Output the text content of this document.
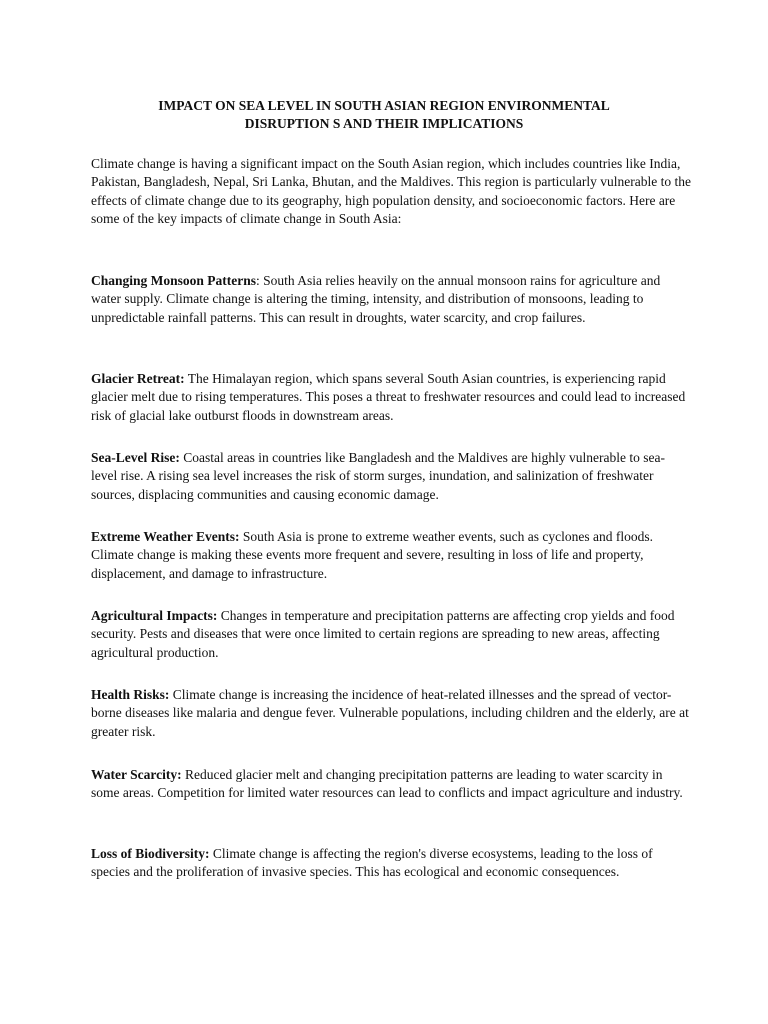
IMPACT ON SEA LEVEL IN SOUTH ASIAN REGION ENVIRONMENTAL
DISRUPTION S AND THEIR IMPLICATIONS

Climate change is having a significant impact on the South Asian region, which includes countries like India, Pakistan, Bangladesh, Nepal, Sri Lanka, Bhutan, and the Maldives. This region is particularly vulnerable to the effects of climate change due to its geography, high population density, and socioeconomic factors. Here are some of the key impacts of climate change in South Asia:

Changing Monsoon Patterns: South Asia relies heavily on the annual monsoon rains for agriculture and water supply. Climate change is altering the timing, intensity, and distribution of monsoons, leading to unpredictable rainfall patterns. This can result in droughts, water scarcity, and crop failures.

Glacier Retreat: The Himalayan region, which spans several South Asian countries, is experiencing rapid glacier melt due to rising temperatures. This poses a threat to freshwater resources and could lead to increased risk of glacial lake outburst floods in downstream areas.

Sea-Level Rise: Coastal areas in countries like Bangladesh and the Maldives are highly vulnerable to sea-level rise. A rising sea level increases the risk of storm surges, inundation, and salinization of freshwater sources, displacing communities and causing economic damage.

Extreme Weather Events: South Asia is prone to extreme weather events, such as cyclones and floods. Climate change is making these events more frequent and severe, resulting in loss of life and property, displacement, and damage to infrastructure.

Agricultural Impacts: Changes in temperature and precipitation patterns are affecting crop yields and food security. Pests and diseases that were once limited to certain regions are spreading to new areas, affecting agricultural production.

Health Risks: Climate change is increasing the incidence of heat-related illnesses and the spread of vector-borne diseases like malaria and dengue fever. Vulnerable populations, including children and the elderly, are at greater risk.

Water Scarcity: Reduced glacier melt and changing precipitation patterns are leading to water scarcity in some areas. Competition for limited water resources can lead to conflicts and impact agriculture and industry.

Loss of Biodiversity: Climate change is affecting the region's diverse ecosystems, leading to the loss of species and the proliferation of invasive species. This has ecological and economic consequences.
